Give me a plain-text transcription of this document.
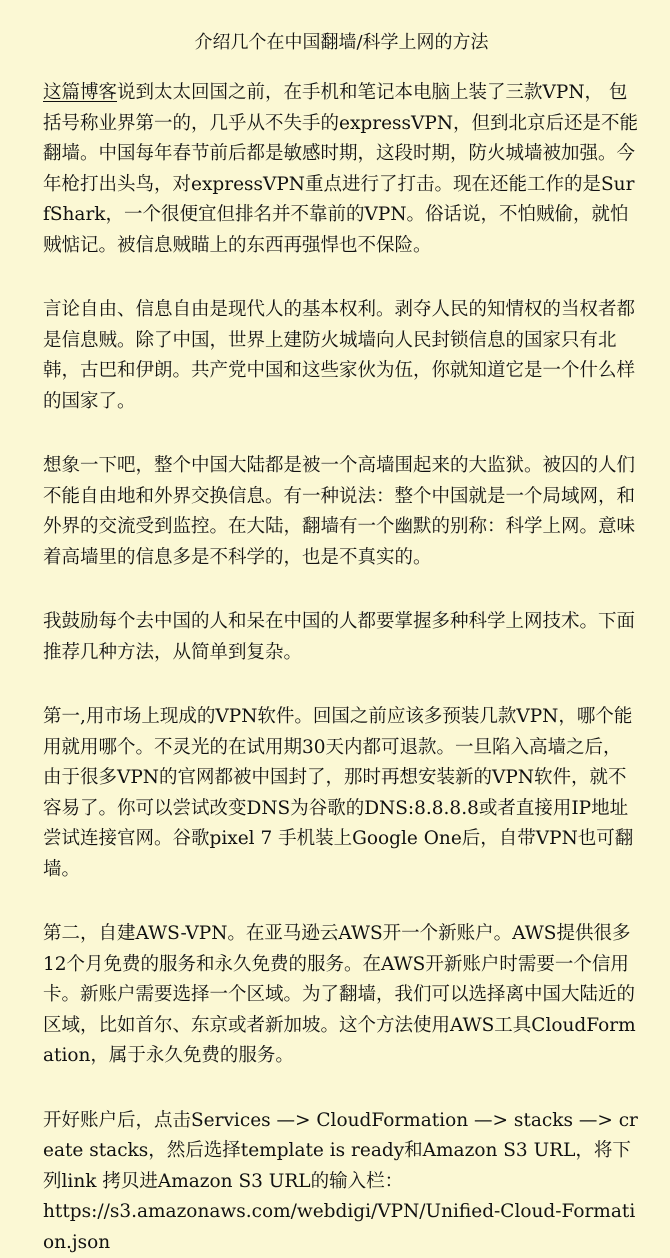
介绍几个在中国翻墙/科学上网的方法

这篇博客说到太太回国之前，在手机和笔记本电脑上装了三款VPN， 包括号称业界第一的，几乎从不失手的expressVPN，但到北京后还是不能翻墙。中国每年春节前后都是敏感时期，这段时期，防火城墙被加强。今年枪打出头鸟，对expressVPN重点进行了打击。现在还能工作的是SurfShark，一个很便宜但排名并不靠前的VPN。俗话说，不怕贼偷，就怕贼惦记。被信息贼瞄上的东西再强悍也不保险。

言论自由、信息自由是现代人的基本权利。剥夺人民的知情权的当权者都是信息贼。除了中国，世界上建防火城墙向人民封锁信息的国家只有北韩，古巴和伊朗。共产党中国和这些家伙为伍，你就知道它是一个什么样的国家了。

想象一下吧，整个中国大陆都是被一个高墙围起来的大监狱。被囚的人们不能自由地和外界交换信息。有一种说法：整个中国就是一个局域网，和外界的交流受到监控。在大陆，翻墙有一个幽默的别称：科学上网。意味着高墙里的信息多是不科学的，也是不真实的。

我鼓励每个去中国的人和呆在中国的人都要掌握多种科学上网技术。下面推荐几种方法，从简单到复杂。

第一,用市场上现成的VPN软件。回国之前应该多预装几款VPN，哪个能用就用哪个。不灵光的在试用期30天内都可退款。一旦陷入高墙之后，由于很多VPN的官网都被中国封了，那时再想安装新的VPN软件，就不容易了。你可以尝试改变DNS为谷歌的DNS:8.8.8.8或者直接用IP地址尝试连接官网。谷歌pixel 7 手机装上Google One后，自带VPN也可翻墙。

第二，自建AWS-VPN。在亚马逊云AWS开一个新账户。AWS提供很多12个月免费的服务和永久免费的服务。在AWS开新账户时需要一个信用卡。新账户需要选择一个区域。为了翻墙，我们可以选择离中国大陆近的区域，比如首尔、东京或者新加坡。这个方法使用AWS工具CloudFormation，属于永久免费的服务。

开好账户后，点击Services —> CloudFormation —> stacks —> create stacks，然后选择template is ready和Amazon S3 URL，将下列link 拷贝进Amazon S3 URL的输入栏：
https://s3.amazonaws.com/webdigi/VPN/Unified-Cloud-Formation.json
